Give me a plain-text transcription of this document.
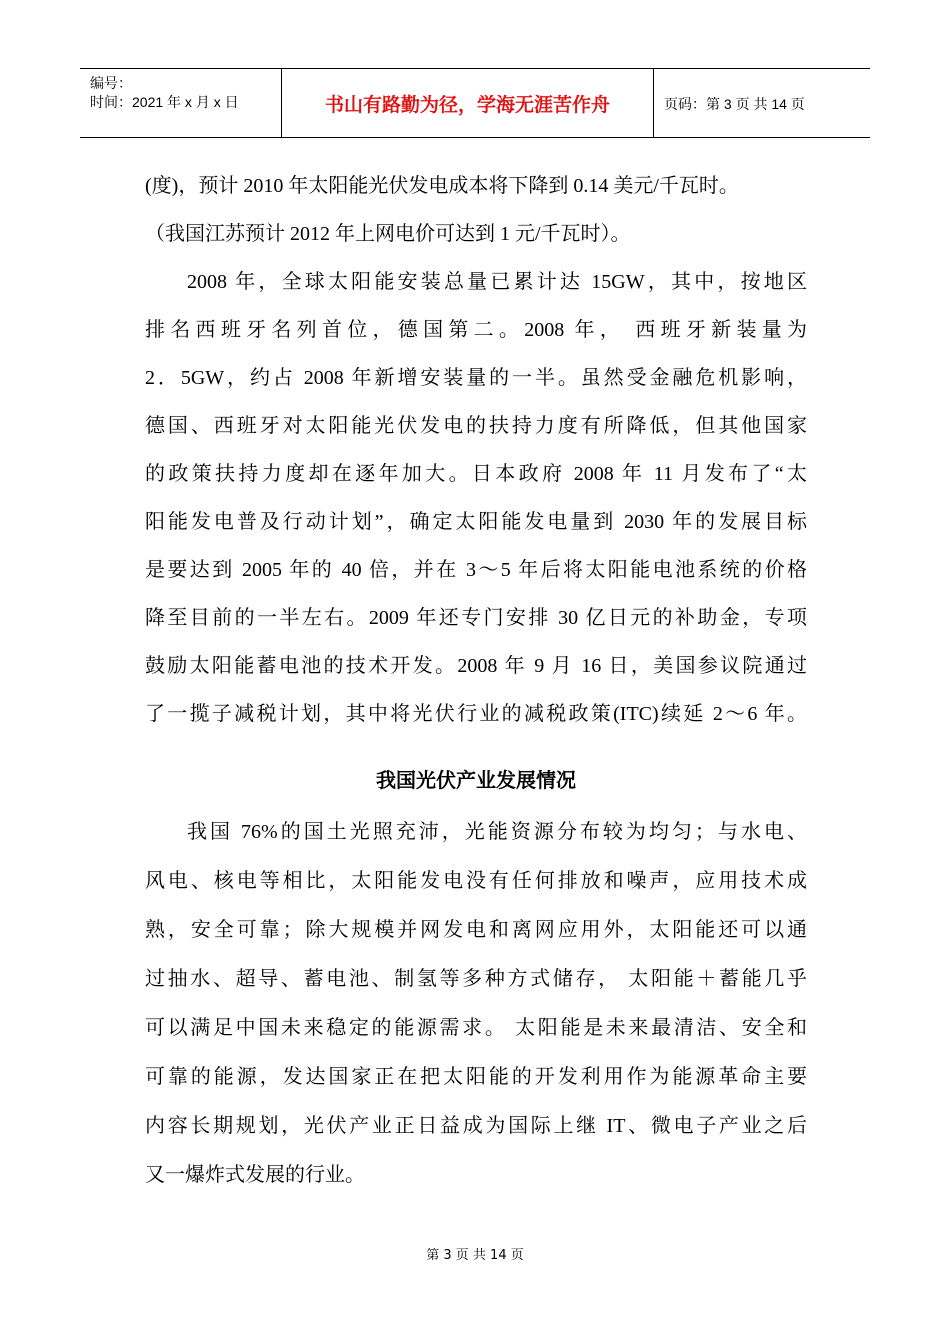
编号：
时间：2021 年 x 月 x 日	书山有路勤为径，学海无涯苦作舟	页码：第 3 页 共 14 页
(度)，预计 2010 年太阳能光伏发电成本将下降到 0.14 美元/千瓦时。
（我国江苏预计 2012 年上网电价可达到 1 元/千瓦时）。
2008 年，全球太阳能安装总量已累计达 15GW，其中，按地区
排名西班牙名列首位，德国第二。2008 年， 西班牙新装量为
2．5GW，约占 2008 年新增安装量的一半。虽然受金融危机影响，
德国、西班牙对太阳能光伏发电的扶持力度有所降低，但其他国家
的政策扶持力度却在逐年加大。日本政府 2008 年 11 月发布了“太
阳能发电普及行动计划”，确定太阳能发电量到 2030 年的发展目标
是要达到 2005 年的 40 倍，并在 3～5 年后将太阳能电池系统的价格
降至目前的一半左右。2009 年还专门安排 30 亿日元的补助金，专项
鼓励太阳能蓄电池的技术开发。2008 年 9 月 16 日，美国参议院通过
了一揽子减税计划，其中将光伏行业的减税政策(ITC)续延 2～6 年。
我国光伏产业发展情况
我国 76%的国土光照充沛，光能资源分布较为均匀；与水电、
风电、核电等相比，太阳能发电没有任何排放和噪声，应用技术成
熟，安全可靠；除大规模并网发电和离网应用外，太阳能还可以通
过抽水、超导、蓄电池、制氢等多种方式储存， 太阳能＋蓄能几乎
可以满足中国未来稳定的能源需求。 太阳能是未来最清洁、安全和
可靠的能源，发达国家正在把太阳能的开发利用作为能源革命主要
内容长期规划，光伏产业正日益成为国际上继 IT、微电子产业之后
又一爆炸式发展的行业。
第 3 页 共 14 页
